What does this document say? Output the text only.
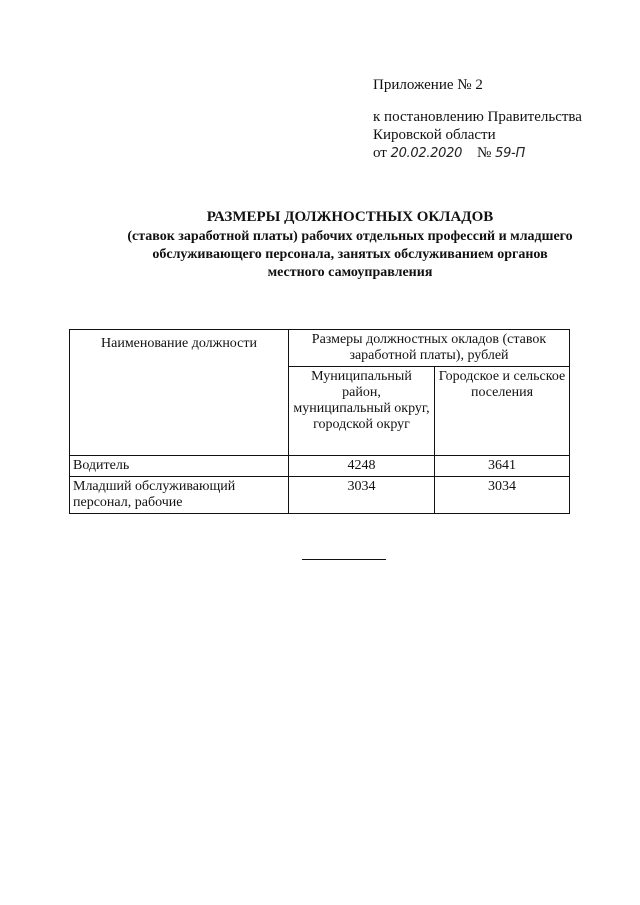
Приложение № 2
к постановлению Правительства
Кировской области
от 20.02.2020 № 59-П
РАЗМЕРЫ ДОЛЖНОСТНЫХ ОКЛАДОВ
(ставок заработной платы) рабочих отдельных профессий и младшего
обслуживающего персонала, занятых обслуживанием органов
местного самоуправления
Наименование должности	Размеры должностных окладов (ставок заработной платы), рублей	
	Муниципальный район, муниципальный округ, городской округ	Городское и сельское поселения
Водитель	4248	3641
Младший обслуживающий персонал, рабочие	3034	3034
